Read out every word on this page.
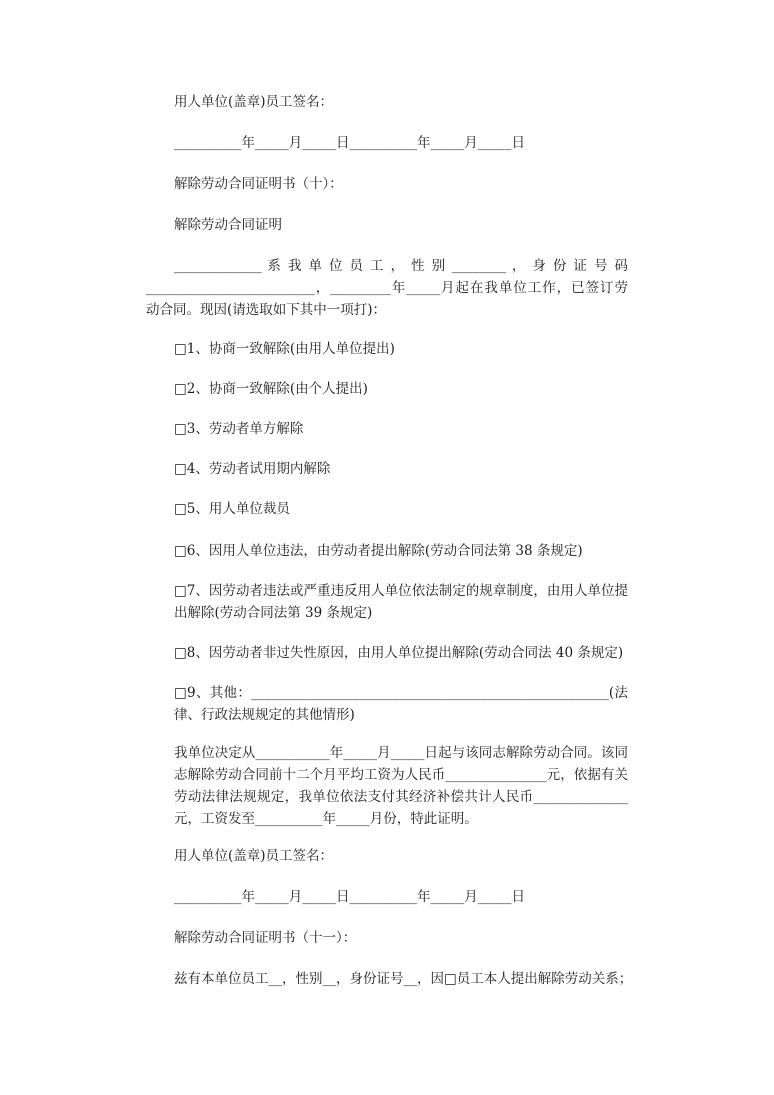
用人单位(盖章)员工签名：
__________年_____月_____日__________年_____月_____日
解除劳动合同证明书（十）：
解除劳动合同证明
_____________ 系 我 单 位 员 工 ， 性 别 ________ ， 身 份 证 号 码
_________________________，_________年_____月起在我单位工作，已签订劳
动合同。现因(请选取如下其中一项打)：
□1、协商一致解除(由用人单位提出)
□2、协商一致解除(由个人提出)
□3、劳动者单方解除
□4、劳动者试用期内解除
□5、用人单位裁员
□6、因用人单位违法，由劳动者提出解除(劳动合同法第 38 条规定)
□7、因劳动者违法或严重违反用人单位依法制定的规章制度，由用人单位提出解除(劳动合同法第 39 条规定)
□8、因劳动者非过失性原因，由用人单位提出解除(劳动合同法 40 条规定)
□9、其他：_____________________________________________________(法律、行政法规规定的其他情形)
我单位决定从___________年_____月_____日起与该同志解除劳动合同。该同志解除劳动合同前十二个月平均工资为人民币_______________元，依据有关劳动法律法规规定，我单位依法支付其经济补偿共计人民币______________元，工资发至__________年_____月份，特此证明。
用人单位(盖章)员工签名：
__________年_____月_____日__________年_____月_____日
解除劳动合同证明书（十一）：
兹有本单位员工__，性别__，身份证号__，因□员工本人提出解除劳动关系；
